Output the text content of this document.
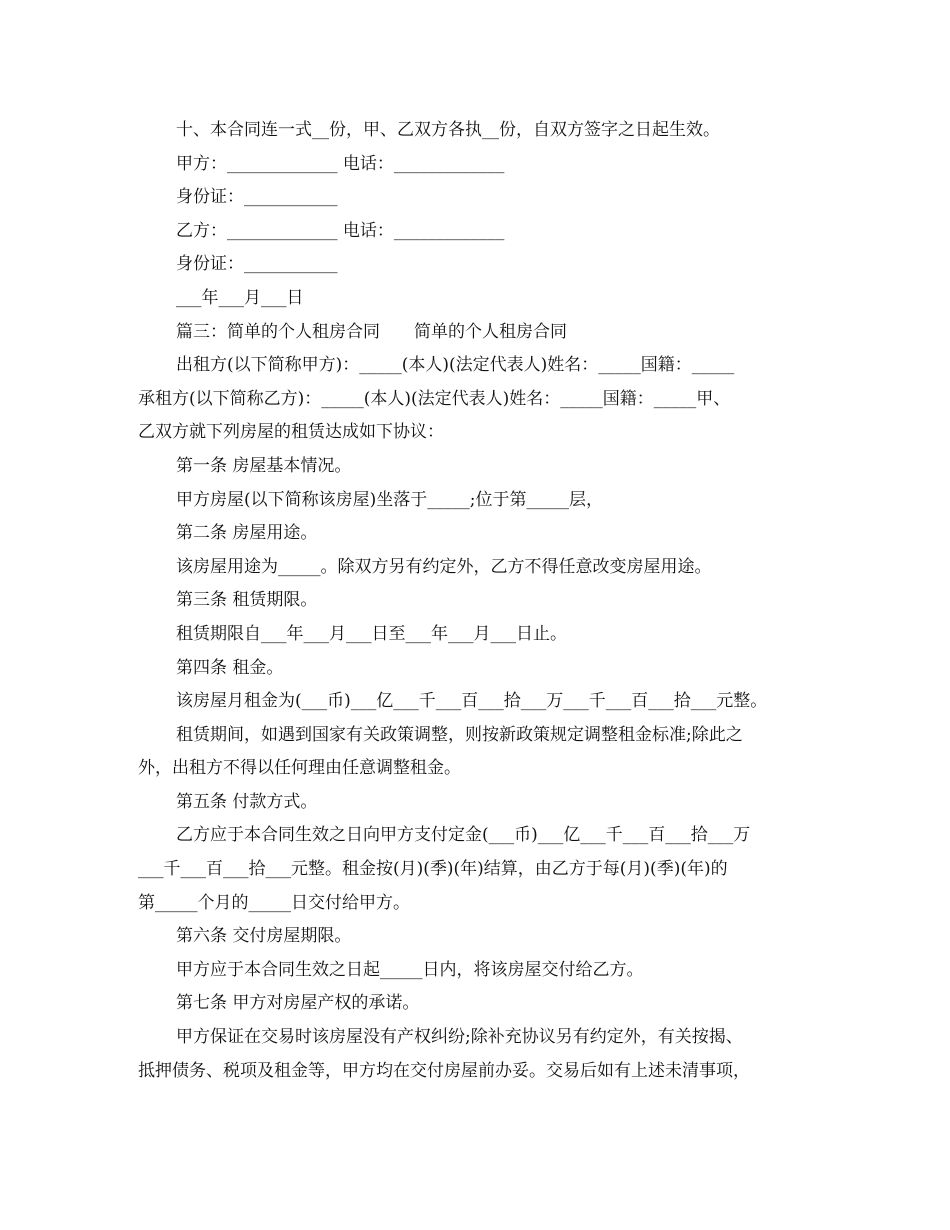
十、本合同连一式__份，甲、乙双方各执__份，自双方签字之日起生效。
甲方：_____________ 电话：_____________
身份证：___________
乙方：_____________ 电话：_____________
身份证：___________
___年___月___日
篇三：简单的个人租房合同　　简单的个人租房合同
出租方(以下简称甲方)：_____(本人)(法定代表人)姓名：_____国籍：_____
承租方(以下简称乙方)：_____(本人)(法定代表人)姓名：_____国籍：_____甲、
乙双方就下列房屋的租赁达成如下协议：
第一条 房屋基本情况。
甲方房屋(以下简称该房屋)坐落于_____;位于第_____层，
第二条 房屋用途。
该房屋用途为_____。除双方另有约定外，乙方不得任意改变房屋用途。
第三条 租赁期限。
租赁期限自___年___月___日至___年___月___日止。
第四条 租金。
该房屋月租金为(___币)___亿___千___百___拾___万___千___百___拾___元整。
租赁期间，如遇到国家有关政策调整，则按新政策规定调整租金标准;除此之
外，出租方不得以任何理由任意调整租金。
第五条 付款方式。
乙方应于本合同生效之日向甲方支付定金(___币)___亿___千___百___拾___万
___千___百___拾___元整。租金按(月)(季)(年)结算，由乙方于每(月)(季)(年)的
第_____个月的_____日交付给甲方。
第六条 交付房屋期限。
甲方应于本合同生效之日起_____日内，将该房屋交付给乙方。
第七条 甲方对房屋产权的承诺。
甲方保证在交易时该房屋没有产权纠纷;除补充协议另有约定外，有关按揭、
抵押债务、税项及租金等，甲方均在交付房屋前办妥。交易后如有上述未清事项，
